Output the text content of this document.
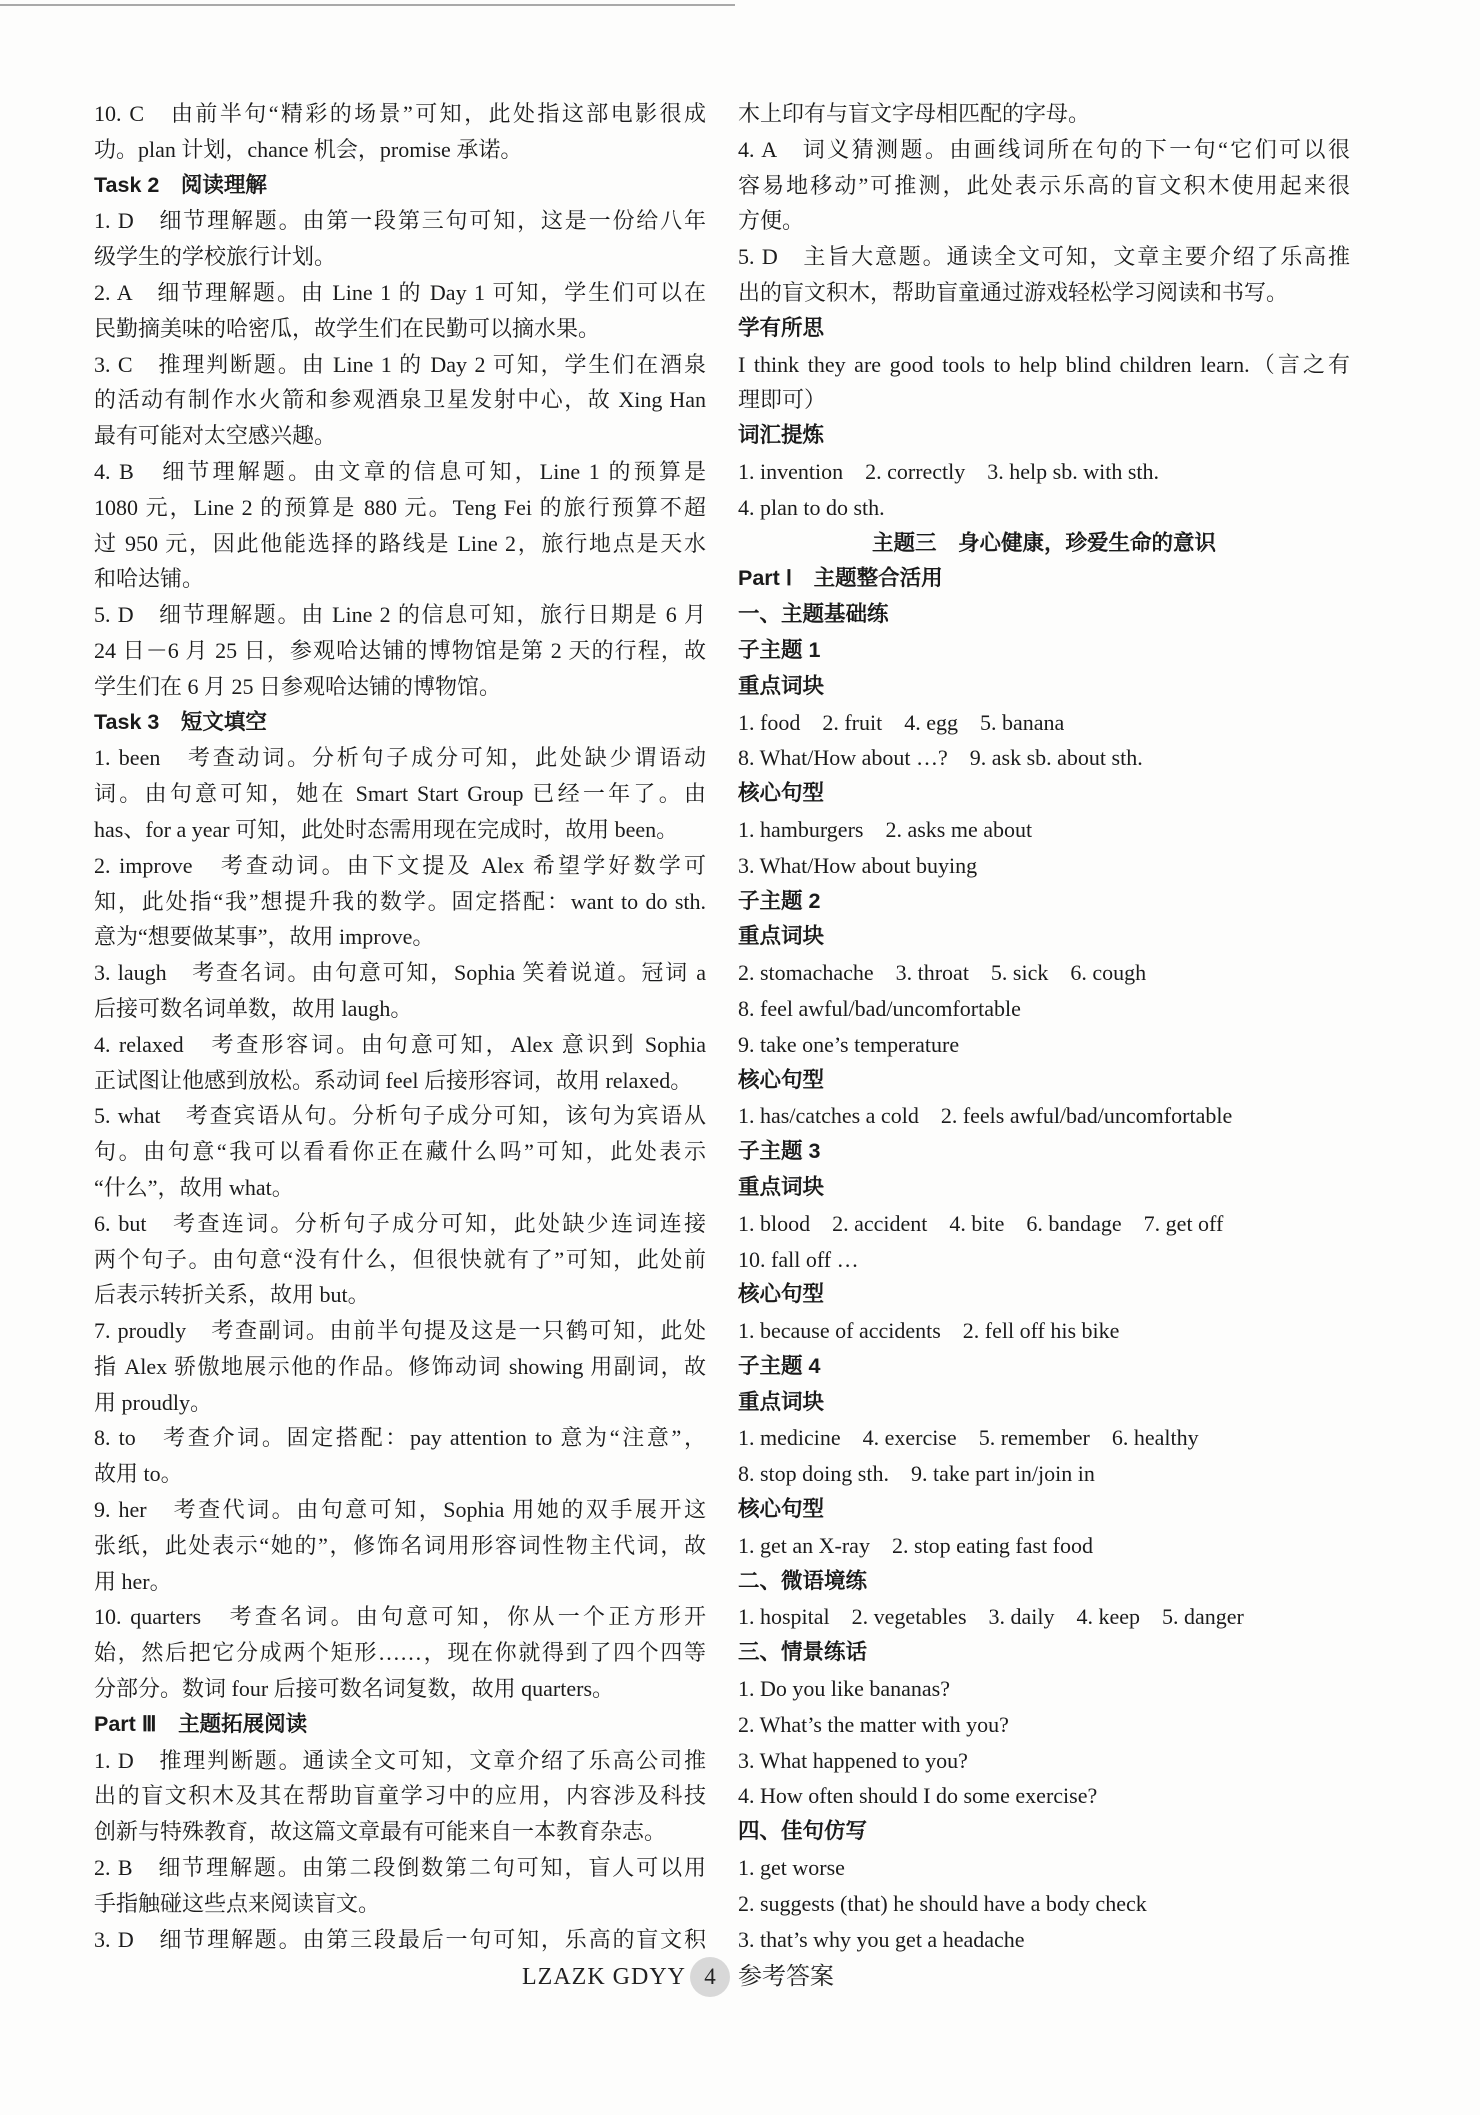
10. C　由前半句“精彩的场景”可知，此处指这部电影很成
功。plan 计划，chance 机会，promise 承诺。
Task 2　阅读理解
1. D　细节理解题。由第一段第三句可知，这是一份给八年
级学生的学校旅行计划。
2. A　细节理解题。由 Line 1 的 Day 1 可知，学生们可以在
民勤摘美味的哈密瓜，故学生们在民勤可以摘水果。
3. C　推理判断题。由 Line 1 的 Day 2 可知，学生们在酒泉
的活动有制作水火箭和参观酒泉卫星发射中心，故 Xing Han
最有可能对太空感兴趣。
4. B　细节理解题。由文章的信息可知，Line 1 的预算是
1080 元，Line 2 的预算是 880 元。Teng Fei 的旅行预算不超
过 950 元，因此他能选择的路线是 Line 2，旅行地点是天水
和哈达铺。
5. D　细节理解题。由 Line 2 的信息可知，旅行日期是 6 月
24 日－6 月 25 日，参观哈达铺的博物馆是第 2 天的行程，故
学生们在 6 月 25 日参观哈达铺的博物馆。
Task 3　短文填空
1. been　考查动词。分析句子成分可知，此处缺少谓语动
词。由句意可知，她在 Smart Start Group 已经一年了。由
has、for a year 可知，此处时态需用现在完成时，故用 been。
2. improve　考查动词。由下文提及 Alex 希望学好数学可
知，此处指“我”想提升我的数学。固定搭配：want to do sth.
意为“想要做某事”，故用 improve。
3. laugh　考查名词。由句意可知，Sophia 笑着说道。冠词 a
后接可数名词单数，故用 laugh。
4. relaxed　考查形容词。由句意可知，Alex 意识到 Sophia
正试图让他感到放松。系动词 feel 后接形容词，故用 relaxed。
5. what　考查宾语从句。分析句子成分可知，该句为宾语从
句。由句意“我可以看看你正在藏什么吗”可知，此处表示
“什么”，故用 what。
6. but　考查连词。分析句子成分可知，此处缺少连词连接
两个句子。由句意“没有什么，但很快就有了”可知，此处前
后表示转折关系，故用 but。
7. proudly　考查副词。由前半句提及这是一只鹤可知，此处
指 Alex 骄傲地展示他的作品。修饰动词 showing 用副词，故
用 proudly。
8. to　考查介词。固定搭配：pay attention to 意为“注意”，
故用 to。
9. her　考查代词。由句意可知，Sophia 用她的双手展开这
张纸，此处表示“她的”，修饰名词用形容词性物主代词，故
用 her。
10. quarters　考查名词。由句意可知，你从一个正方形开
始，然后把它分成两个矩形……，现在你就得到了四个四等
分部分。数词 four 后接可数名词复数，故用 quarters。
Part Ⅲ　主题拓展阅读
1. D　推理判断题。通读全文可知，文章介绍了乐高公司推
出的盲文积木及其在帮助盲童学习中的应用，内容涉及科技
创新与特殊教育，故这篇文章最有可能来自一本教育杂志。
2. B　细节理解题。由第二段倒数第二句可知，盲人可以用
手指触碰这些点来阅读盲文。
3. D　细节理解题。由第三段最后一句可知，乐高的盲文积
木上印有与盲文字母相匹配的字母。
4. A　词义猜测题。由画线词所在句的下一句“它们可以很
容易地移动”可推测，此处表示乐高的盲文积木使用起来很
方便。
5. D　主旨大意题。通读全文可知，文章主要介绍了乐高推
出的盲文积木，帮助盲童通过游戏轻松学习阅读和书写。
学有所思
I think they are good tools to help blind children learn.（言之有
理即可）
词汇提炼
1. invention　2. correctly　3. help sb. with sth.
4. plan to do sth.
主题三　身心健康，珍爱生命的意识
Part Ⅰ　主题整合活用
一、主题基础练
子主题 1
重点词块
1. food　2. fruit　4. egg　5. banana
8. What/How about …?　9. ask sb. about sth.
核心句型
1. hamburgers　2. asks me about
3. What/How about buying
子主题 2
重点词块
2. stomachache　3. throat　5. sick　6. cough
8. feel awful/bad/uncomfortable
9. take one’s temperature
核心句型
1. has/catches a cold　2. feels awful/bad/uncomfortable
子主题 3
重点词块
1. blood　2. accident　4. bite　6. bandage　7. get off
10. fall off …
核心句型
1. because of accidents　2. fell off his bike
子主题 4
重点词块
1. medicine　4. exercise　5. remember　6. healthy
8. stop doing sth.　9. take part in/join in
核心句型
1. get an X-ray　2. stop eating fast food
二、微语境练
1. hospital　2. vegetables　3. daily　4. keep　5. danger
三、情景练话
1. Do you like bananas?
2. What’s the matter with you?
3. What happened to you?
4. How often should I do some exercise?
四、佳句仿写
1. get worse
2. suggests (that) he should have a body check
3. that’s why you get a headache
LZAZK GDYY 4 参考答案
